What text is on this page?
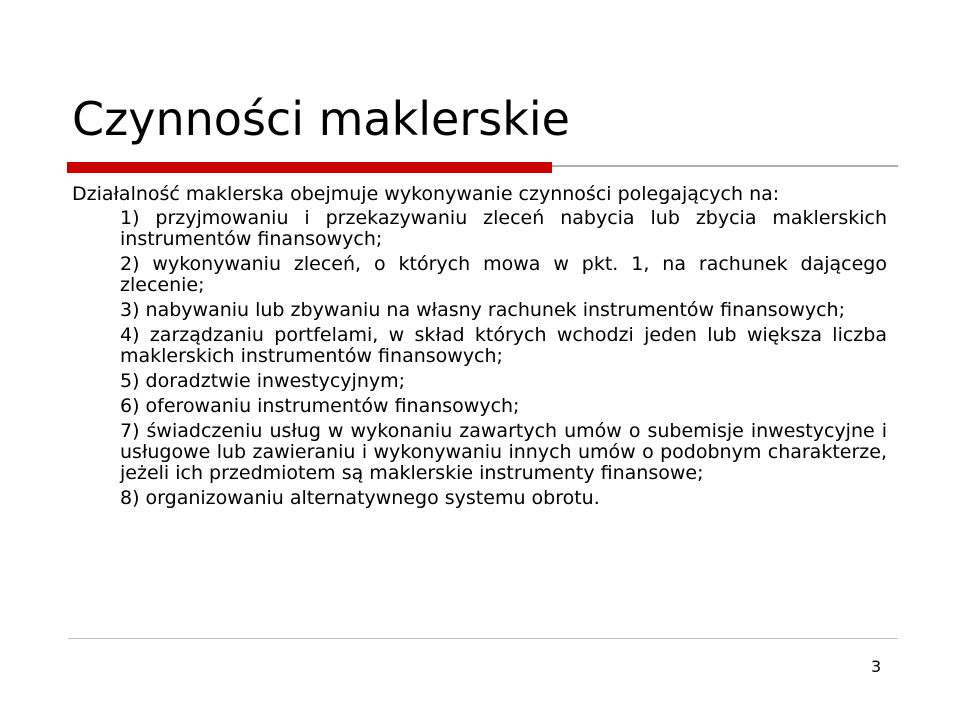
Czynności maklerskie
Działalność maklerska obejmuje wykonywanie czynności polegających na:

1) przyjmowaniu i przekazywaniu zleceń nabycia lub zbycia maklerskich instrumentów finansowych;

2) wykonywaniu zleceń, o których mowa w pkt. 1, na rachunek dającego zlecenie;

3) nabywaniu lub zbywaniu na własny rachunek instrumentów finansowych;

4) zarządzaniu portfelami, w skład których wchodzi jeden lub większa liczba maklerskich instrumentów finansowych;

5) doradztwie inwestycyjnym;

6) oferowaniu instrumentów finansowych;

7) świadczeniu usług w wykonaniu zawartych umów o subemisje inwestycyjne i usługowe lub zawieraniu i wykonywaniu innych umów o podobnym charakterze, jeżeli ich przedmiotem są maklerskie instrumenty finansowe;

8) organizowaniu alternatywnego systemu obrotu.

3
